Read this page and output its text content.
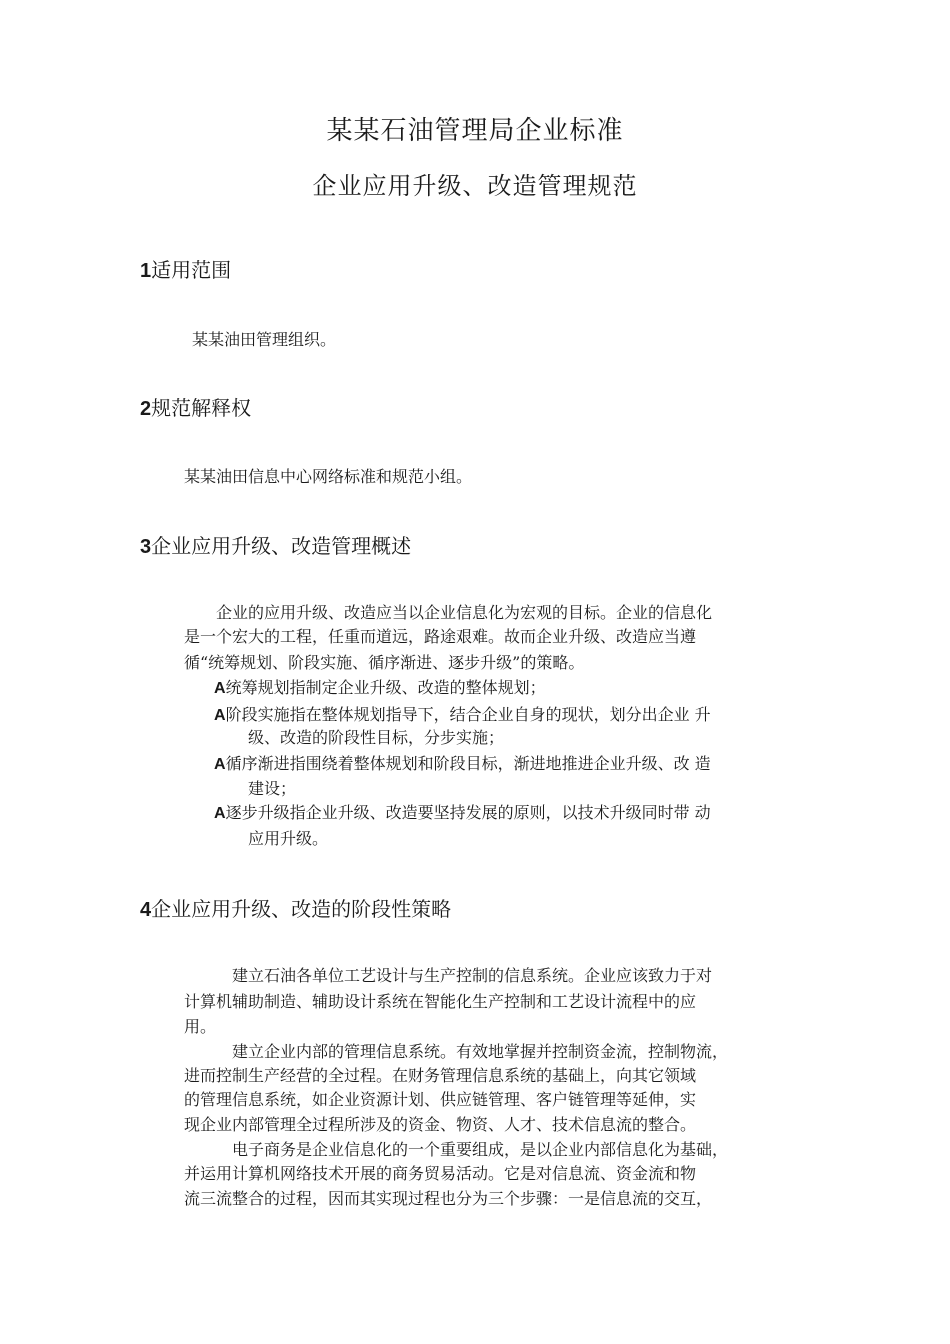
某某石油管理局企业标准
企业应用升级、改造管理规范
1适用范围
某某油田管理组织。
2规范解释权
某某油田信息中心网络标准和规范小组。
3企业应用升级、改造管理概述
企业的应用升级、改造应当以企业信息化为宏观的目标。企业的信息化
是一个宏大的工程，任重而道远，路途艰难。故而企业升级、改造应当遵
循“统筹规划、阶段实施、循序渐进、逐步升级”的策略。
A统筹规划指制定企业升级、改造的整体规划；
A阶段实施指在整体规划指导下，结合企业自身的现状，划分出企业 升
级、改造的阶段性目标，分步实施；
A循序渐进指围绕着整体规划和阶段目标，渐进地推进企业升级、改 造
建设；
A逐步升级指企业升级、改造要坚持发展的原则，以技术升级同时带 动
应用升级。
4企业应用升级、改造的阶段性策略
建立石油各单位工艺设计与生产控制的信息系统。企业应该致力于对
计算机辅助制造、辅助设计系统在智能化生产控制和工艺设计流程中的应
用。
建立企业内部的管理信息系统。有效地掌握并控制资金流，控制物流，
进而控制生产经营的全过程。在财务管理信息系统的基础上，向其它领域
的管理信息系统，如企业资源计划、供应链管理、客户链管理等延伸，实
现企业内部管理全过程所涉及的资金、物资、人才、技术信息流的整合。
电子商务是企业信息化的一个重要组成，是以企业内部信息化为基础，
并运用计算机网络技术开展的商务贸易活动。它是对信息流、资金流和物
流三流整合的过程，因而其实现过程也分为三个步骤：一是信息流的交互，
